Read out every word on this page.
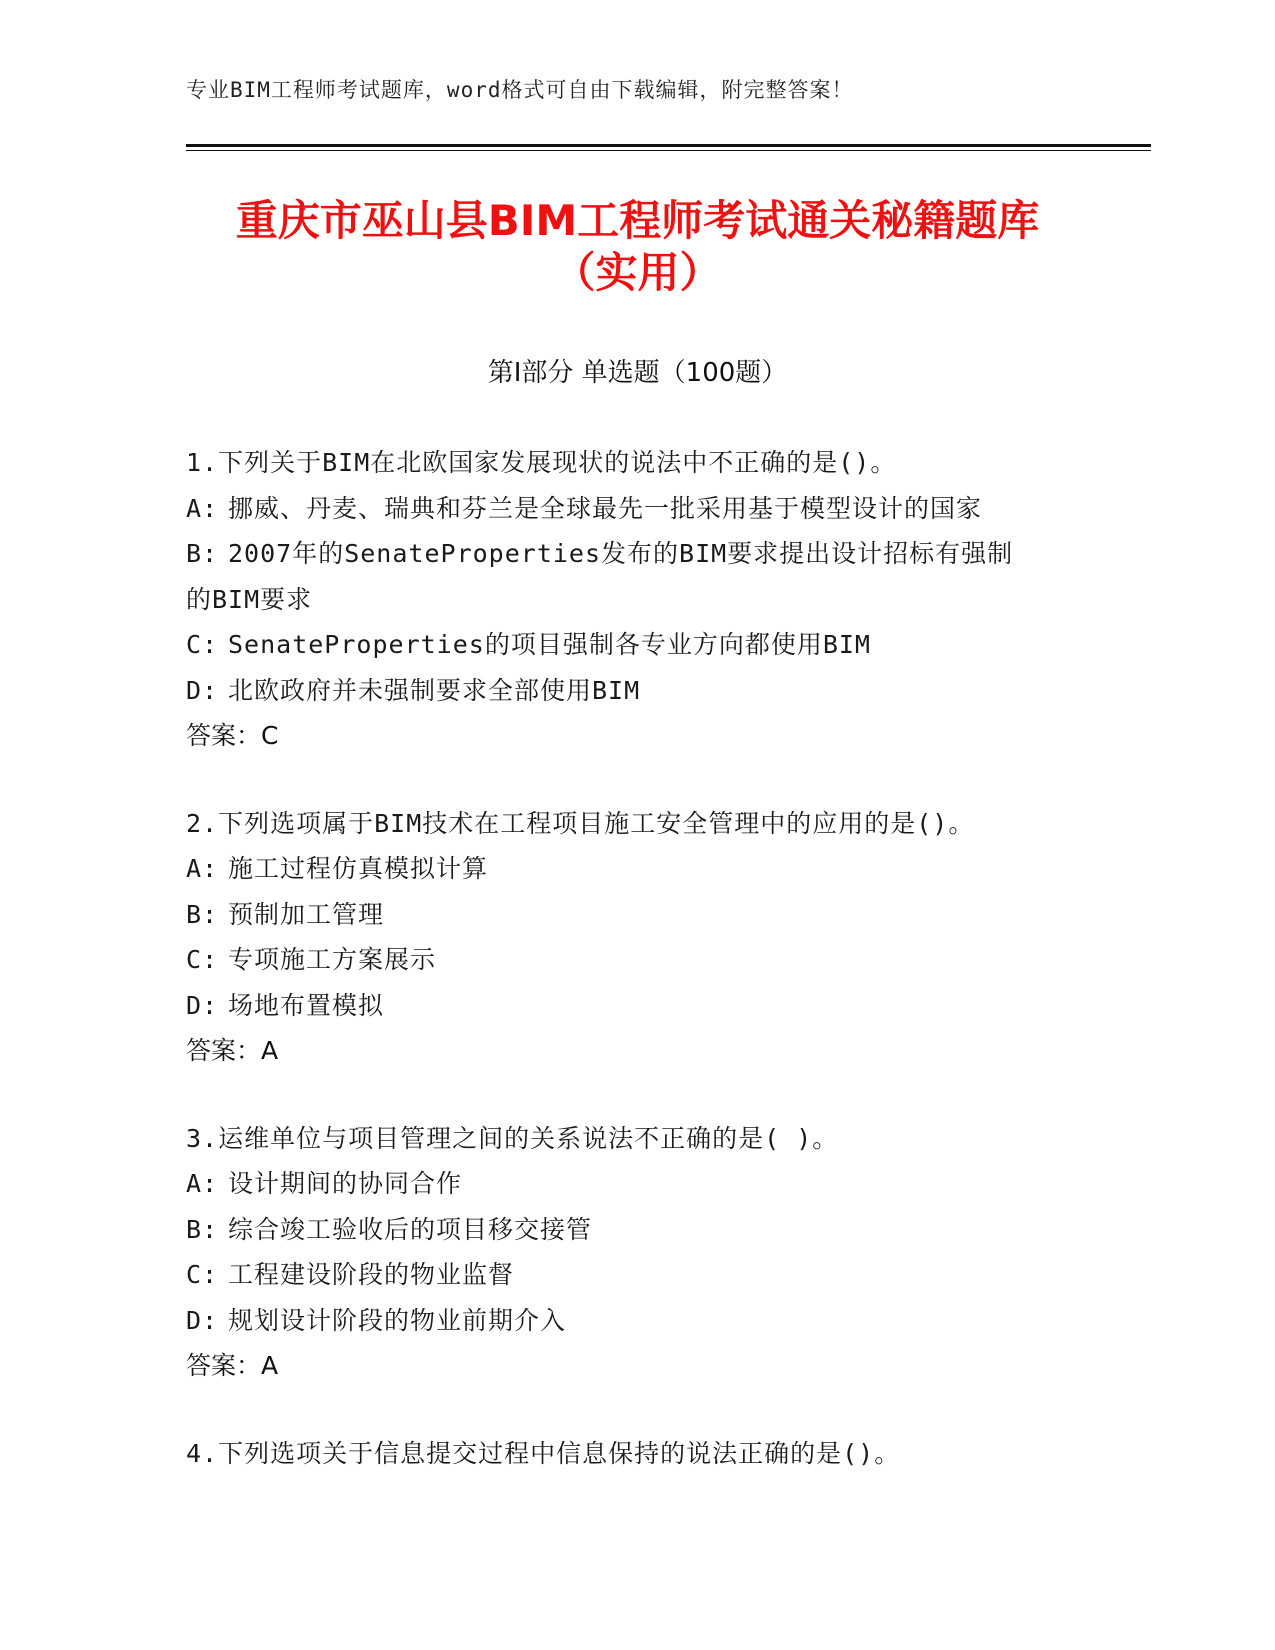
专业BIM工程师考试题库，word格式可自由下载编辑，附完整答案！
重庆市巫山县BIM工程师考试通关秘籍题库
（实用）
第I部分 单选题（100题）

1.下列关于BIM在北欧国家发展现状的说法中不正确的是()。

A: 挪威、丹麦、瑞典和芬兰是全球最先一批采用基于模型设计的国家

B: 2007年的SenateProperties发布的BIM要求提出设计招标有强制

的BIM要求

C: SenateProperties的项目强制各专业方向都使用BIM

D: 北欧政府并未强制要求全部使用BIM

答案：C

2.下列选项属于BIM技术在工程项目施工安全管理中的应用的是()。

A: 施工过程仿真模拟计算

B: 预制加工管理

C: 专项施工方案展示

D: 场地布置模拟

答案：A

3.运维单位与项目管理之间的关系说法不正确的是( )。

A: 设计期间的协同合作

B: 综合竣工验收后的项目移交接管

C: 工程建设阶段的物业监督

D: 规划设计阶段的物业前期介入

答案：A

4.下列选项关于信息提交过程中信息保持的说法正确的是()。
